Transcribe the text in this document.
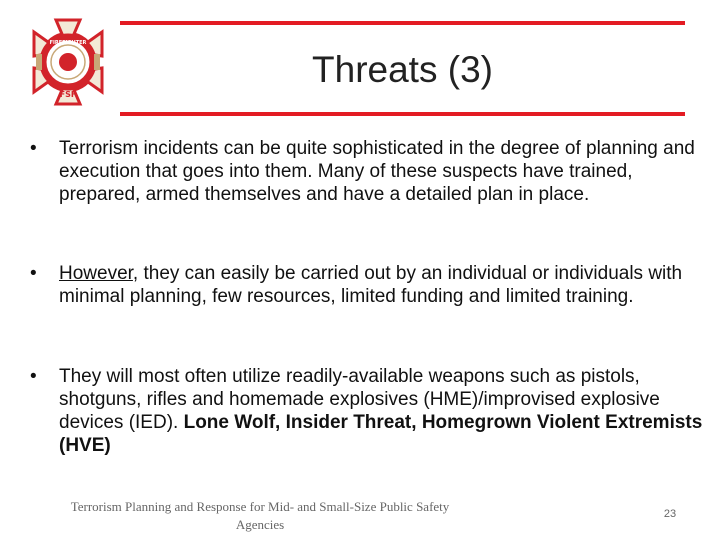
FIREFIGHTER
FSF
Threats (3)

• Terrorism incidents can be quite sophisticated in the degree of planning and execution that goes into them. Many of these suspects have trained, prepared, armed themselves and have a detailed plan in place.

• However, they can easily be carried out by an individual or individuals with minimal planning, few resources, limited funding and limited training.

• They will most often utilize readily-available weapons such as pistols, shotguns, rifles and homemade explosives (HME)/improvised explosive devices (IED). Lone Wolf, Insider Threat, Homegrown Violent Extremists (HVE)

Terrorism Planning and Response for Mid- and Small-Size Public Safety Agencies
23
